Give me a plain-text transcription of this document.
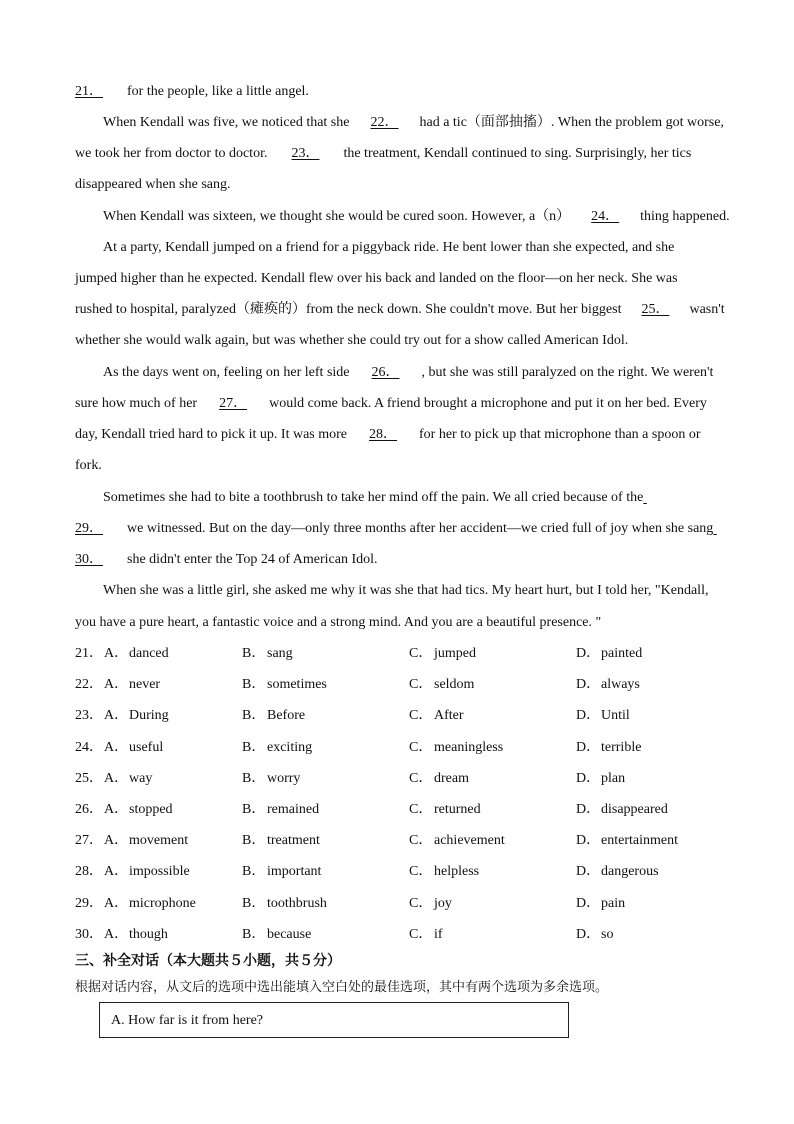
21． for the people, like a little angel.
When Kendall was five, we noticed that she 22． had a tic（面部抽搐）. When the problem got worse,
we took her from doctor to doctor. 23． the treatment, Kendall continued to sing. Surprisingly, her tics
disappeared when she sang.
When Kendall was sixteen, we thought she would be cured soon. However, a（n） 24． thing happened.
At a party, Kendall jumped on a friend for a piggyback ride. He bent lower than she expected, and she
jumped higher than he expected. Kendall flew over his back and landed on the floor—on her neck. She was
rushed to hospital, paralyzed（瘫痪的）from the neck down. She couldn't move. But her biggest 25． wasn't
whether she would walk again, but was whether she could try out for a show called American Idol.
As the days went on, feeling on her left side 26． , but she was still paralyzed on the right. We weren't
sure how much of her 27． would come back. A friend brought a microphone and put it on her bed. Every
day, Kendall tried hard to pick it up. It was more 28． for her to pick up that microphone than a spoon or
fork.
Sometimes she had to bite a toothbrush to take her mind off the pain. We all cried because of the
29． we witnessed. But on the day—only three months after her accident—we cried full of joy when she sang
30． she didn't enter the Top 24 of American Idol.
When she was a little girl, she asked me why it was she that had tics. My heart hurt, but I told her, "Kendall,
you have a pure heart, a fantastic voice and a strong mind. And you are a beautiful presence. "
21． A．danced	B． sang	C． jumped	D．painted
22． A．never	B． sometimes	C． seldom	D．always
23． A．During	B． Before	C． After	D．Until
24． A．useful	B． exciting	C． meaningless	D．terrible
25． A．way	B． worry	C． dream	D．plan
26． A．stopped	B． remained	C． returned	D．disappeared
27． A．movement	B． treatment	C． achievement	D．entertainment
28． A．impossible	B． important	C． helpless	D．dangerous
29． A．microphone	B． toothbrush	C． joy	D．pain
30． A．though	B． because	C． if	D．so
三、补全对话（本大题共５小题，共５分）
根据对话内容，从文后的选项中选出能填入空白处的最佳选项，其中有两个选项为多余选项。
A. How far is it from here?
